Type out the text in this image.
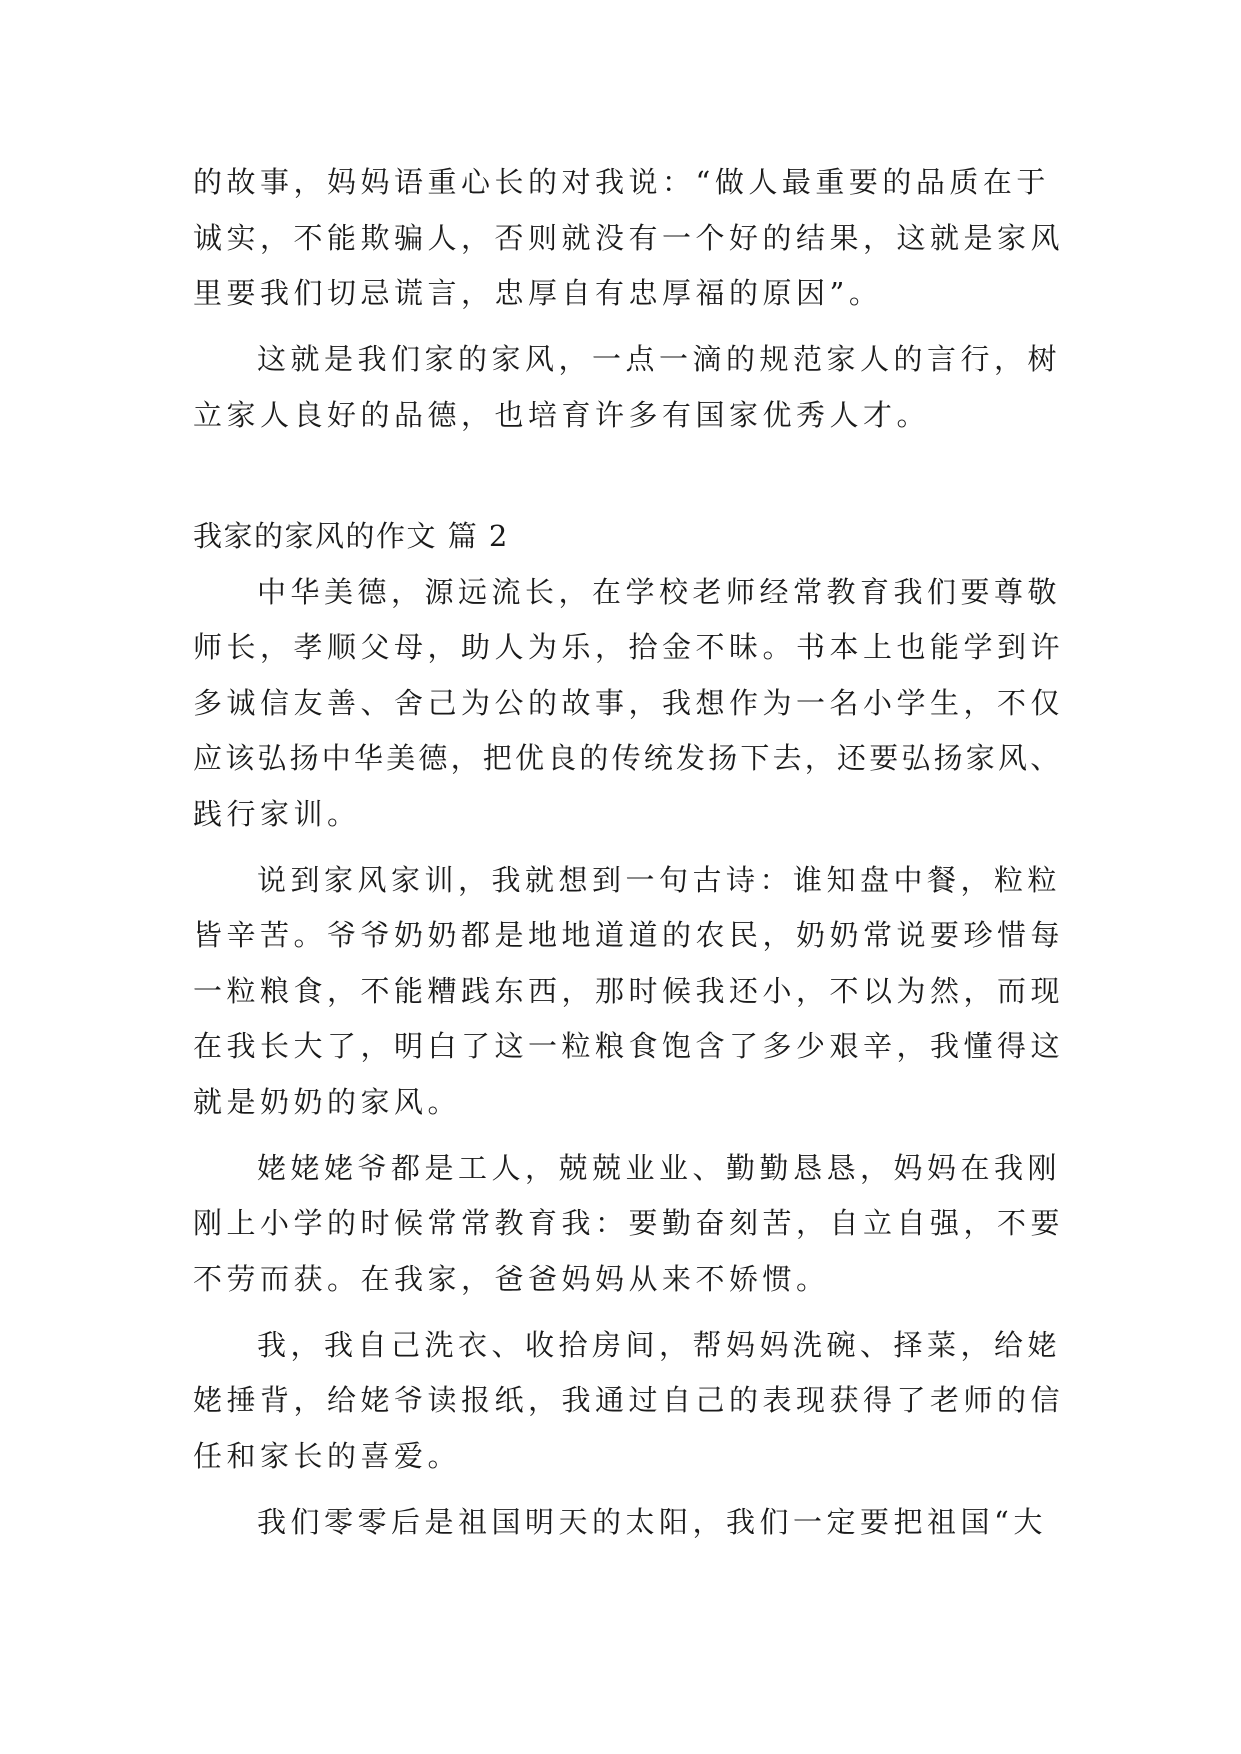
的故事，妈妈语重心长的对我说：“做人最重要的品质在于
诚实，不能欺骗人，否则就没有一个好的结果，这就是家风
里要我们切忌谎言，忠厚自有忠厚福的原因”。
这就是我们家的家风，一点一滴的规范家人的言行，树
立家人良好的品德，也培育许多有国家优秀人才。
我家的家风的作文 篇 2
中华美德，源远流长，在学校老师经常教育我们要尊敬
师长，孝顺父母，助人为乐，拾金不昧。书本上也能学到许
多诚信友善、舍己为公的故事，我想作为一名小学生，不仅
应该弘扬中华美德，把优良的传统发扬下去，还要弘扬家风、
践行家训。
说到家风家训，我就想到一句古诗：谁知盘中餐，粒粒
皆辛苦。爷爷奶奶都是地地道道的农民，奶奶常说要珍惜每
一粒粮食，不能糟践东西，那时候我还小，不以为然，而现
在我长大了，明白了这一粒粮食饱含了多少艰辛，我懂得这
就是奶奶的家风。
姥姥姥爷都是工人，兢兢业业、勤勤恳恳，妈妈在我刚
刚上小学的时候常常教育我：要勤奋刻苦，自立自强，不要
不劳而获。在我家，爸爸妈妈从来不娇惯。
我，我自己洗衣、收拾房间，帮妈妈洗碗、择菜，给姥
姥捶背，给姥爷读报纸，我通过自己的表现获得了老师的信
任和家长的喜爱。
我们零零后是祖国明天的太阳，我们一定要把祖国“大
